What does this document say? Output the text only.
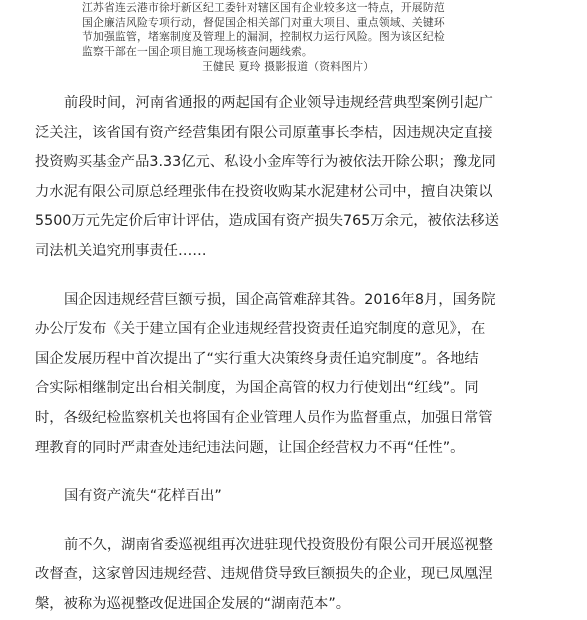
江苏省连云港市徐圩新区纪工委针对辖区国有企业较多这一特点，开展防范
国企廉洁风险专项行动，督促国企相关部门对重大项目、重点领域、关键环
节加强监管，堵塞制度及管理上的漏洞，控制权力运行风险。图为该区纪检
监察干部在一国企项目施工现场核查问题线索。
王健民 夏玲 摄影报道（资料图片）

前段时间，河南省通报的两起国有企业领导违规经营典型案例引起广
泛关注，该省国有资产经营集团有限公司原董事长李桔，因违规决定直接
投资购买基金产品3.33亿元、私设小金库等行为被依法开除公职；豫龙同
力水泥有限公司原总经理张伟在投资收购某水泥建材公司中，擅自决策以
5500万元先定价后审计评估，造成国有资产损失765万余元，被依法移送
司法机关追究刑事责任……

国企因违规经营巨额亏损，国企高管难辞其咎。2016年8月，国务院
办公厅发布《关于建立国有企业违规经营投资责任追究制度的意见》，在
国企发展历程中首次提出了“实行重大决策终身责任追究制度”。各地结
合实际相继制定出台相关制度，为国企高管的权力行使划出“红线”。同
时，各级纪检监察机关也将国有企业管理人员作为监督重点，加强日常管
理教育的同时严肃查处违纪违法问题，让国企经营权力不再“任性”。

国有资产流失“花样百出”

前不久，湖南省委巡视组再次进驻现代投资股份有限公司开展巡视整
改督查，这家曾因违规经营、违规借贷导致巨额损失的企业，现已凤凰涅
槃，被称为巡视整改促进国企发展的“湖南范本”。
